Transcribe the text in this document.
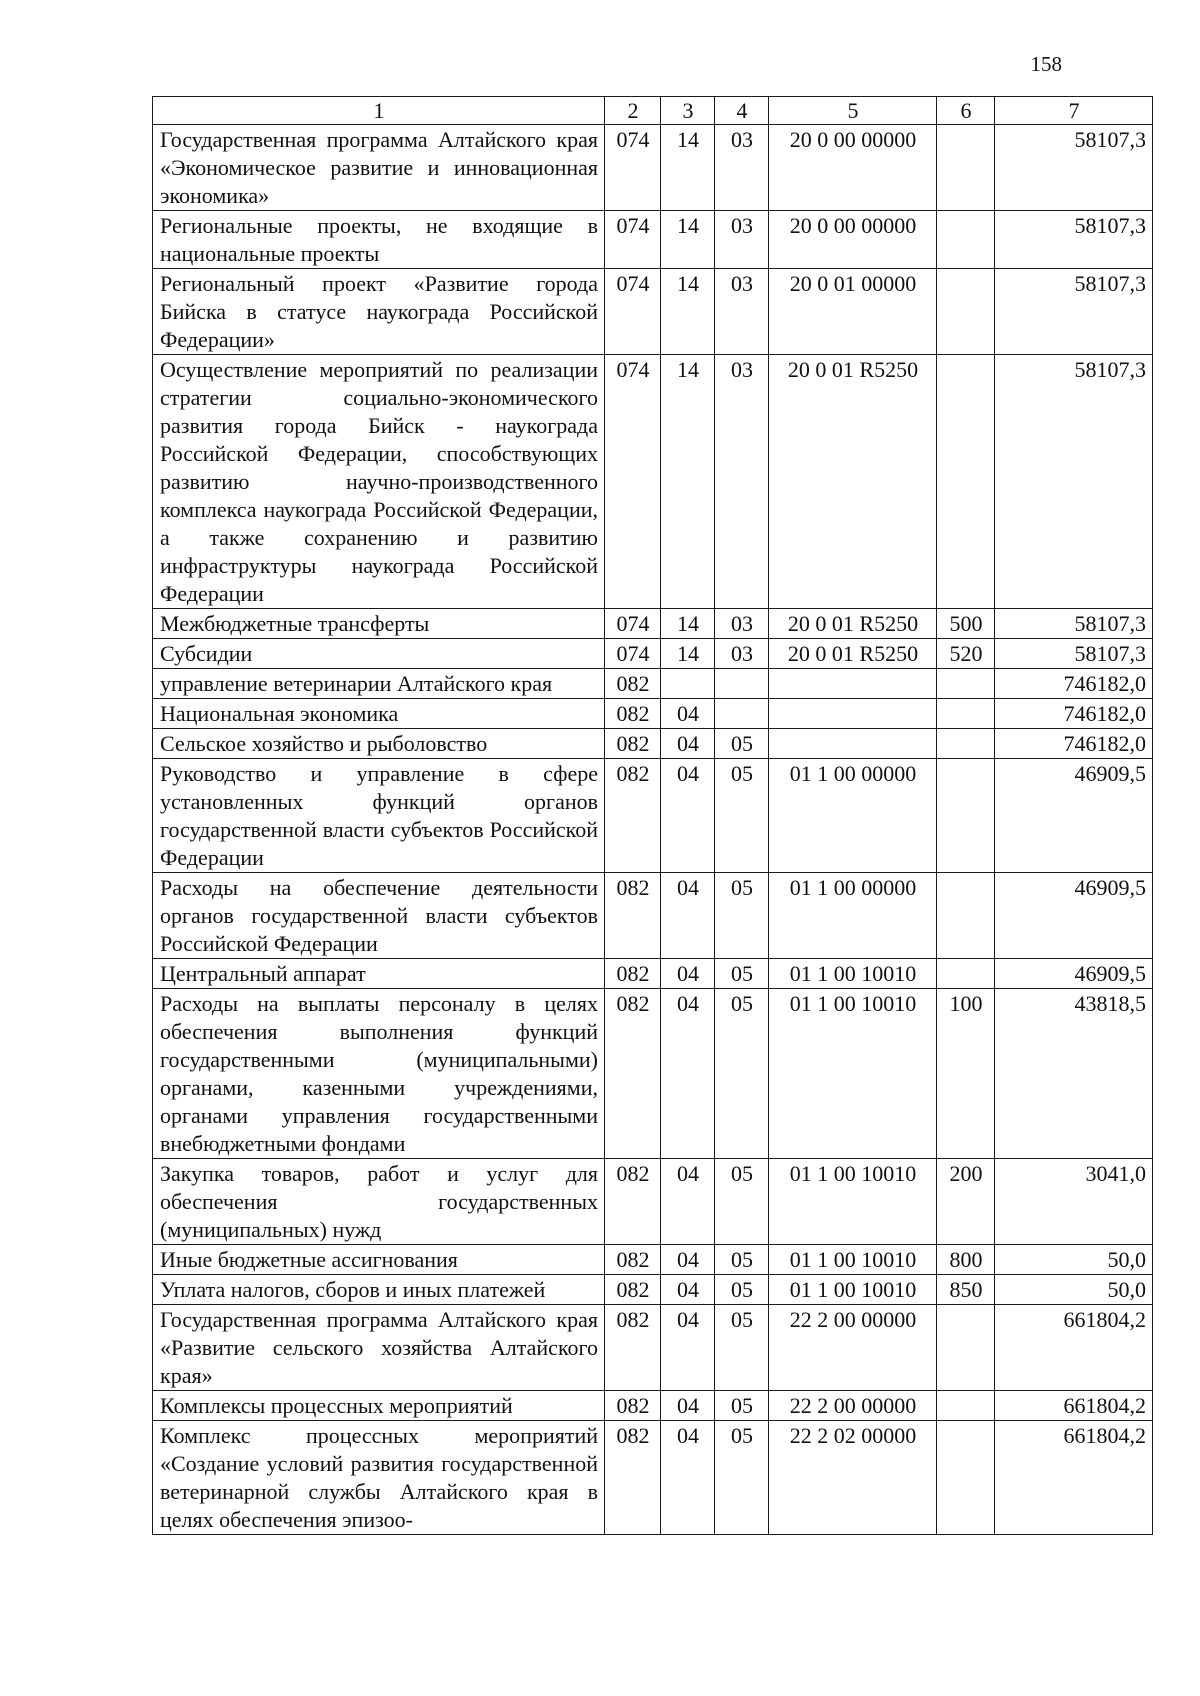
158
1	2	3	4	5	6	7
Государственная программа Алтайского края «Экономическое развитие и инновационная экономика»	074	14	03	20 0 00 00000		58107,3
Региональные проекты, не входящие в национальные проекты	074	14	03	20 0 00 00000		58107,3
Региональный проект «Развитие города Бийска в статусе наукограда Российской Федерации»	074	14	03	20 0 01 00000		58107,3
Осуществление мероприятий по реализации стратегии социально-экономического развития города Бийск - наукограда Российской Федерации, способствующих развитию научно-производственного комплекса наукограда Российской Федерации, а также сохранению и развитию инфраструктуры наукограда Российской Федерации	074	14	03	20 0 01 R5250		58107,3
Межбюджетные трансферты	074	14	03	20 0 01 R5250	500	58107,3
Субсидии	074	14	03	20 0 01 R5250	520	58107,3
управление ветеринарии Алтайского края	082					746182,0
Национальная экономика	082	04				746182,0
Сельское хозяйство и рыболовство	082	04	05			746182,0
Руководство и управление в сфере установленных функций органов государственной власти субъектов Российской Федерации	082	04	05	01 1 00 00000		46909,5
Расходы на обеспечение деятельности органов государственной власти субъектов Российской Федерации	082	04	05	01 1 00 00000		46909,5
Центральный аппарат	082	04	05	01 1 00 10010		46909,5
Расходы на выплаты персоналу в целях обеспечения выполнения функций государственными (муниципальными) органами, казенными учреждениями, органами управления государственными внебюджетными фондами	082	04	05	01 1 00 10010	100	43818,5
Закупка товаров, работ и услуг для обеспечения государственных (муниципальных) нужд	082	04	05	01 1 00 10010	200	3041,0
Иные бюджетные ассигнования	082	04	05	01 1 00 10010	800	50,0
Уплата налогов, сборов и иных платежей	082	04	05	01 1 00 10010	850	50,0
Государственная программа Алтайского края «Развитие сельского хозяйства Алтайского края»	082	04	05	22 2 00 00000		661804,2
Комплексы процессных мероприятий	082	04	05	22 2 00 00000		661804,2
Комплекс процессных мероприятий «Создание условий развития государственной ветеринарной службы Алтайского края в целях обеспечения эпизоо-	082	04	05	22 2 02 00000		661804,2
